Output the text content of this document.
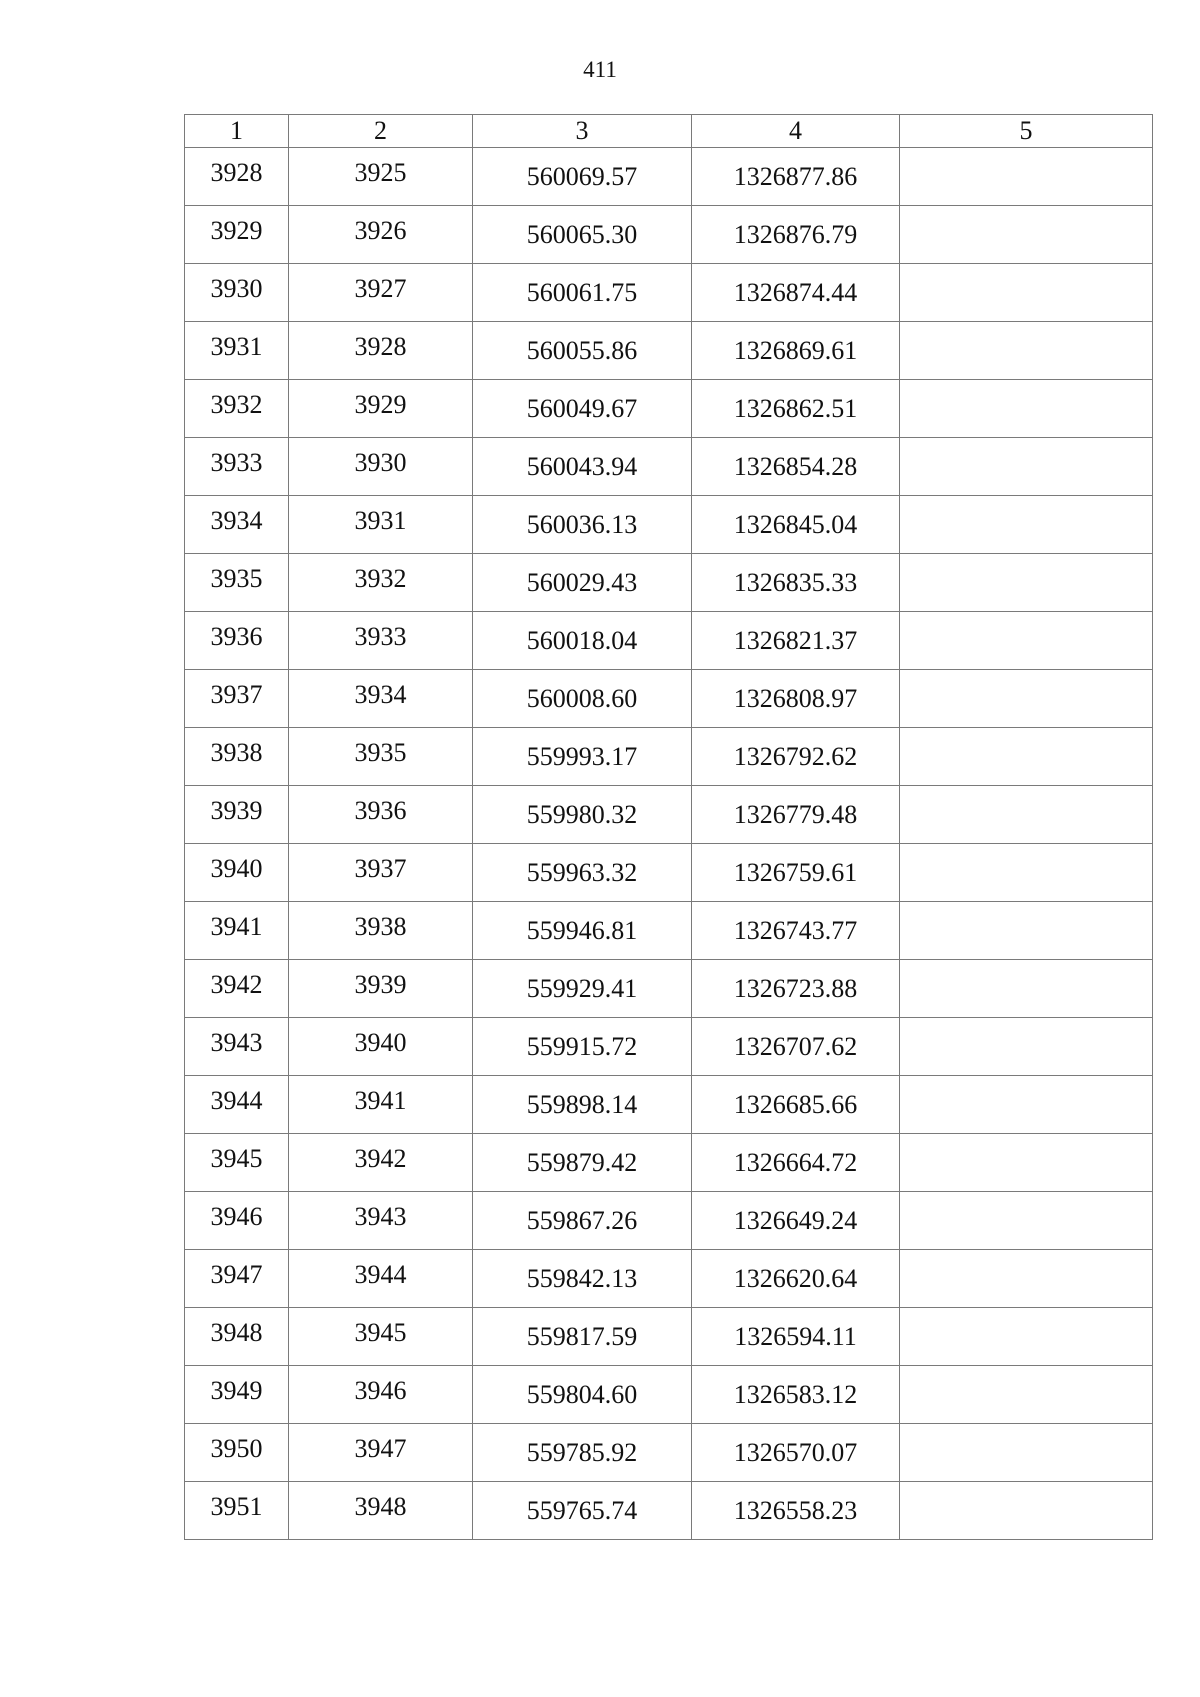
411
1	2	3	4	5
3928	3925	560069.57	1326877.86	
3929	3926	560065.30	1326876.79	
3930	3927	560061.75	1326874.44	
3931	3928	560055.86	1326869.61	
3932	3929	560049.67	1326862.51	
3933	3930	560043.94	1326854.28	
3934	3931	560036.13	1326845.04	
3935	3932	560029.43	1326835.33	
3936	3933	560018.04	1326821.37	
3937	3934	560008.60	1326808.97	
3938	3935	559993.17	1326792.62	
3939	3936	559980.32	1326779.48	
3940	3937	559963.32	1326759.61	
3941	3938	559946.81	1326743.77	
3942	3939	559929.41	1326723.88	
3943	3940	559915.72	1326707.62	
3944	3941	559898.14	1326685.66	
3945	3942	559879.42	1326664.72	
3946	3943	559867.26	1326649.24	
3947	3944	559842.13	1326620.64	
3948	3945	559817.59	1326594.11	
3949	3946	559804.60	1326583.12	
3950	3947	559785.92	1326570.07	
3951	3948	559765.74	1326558.23	
